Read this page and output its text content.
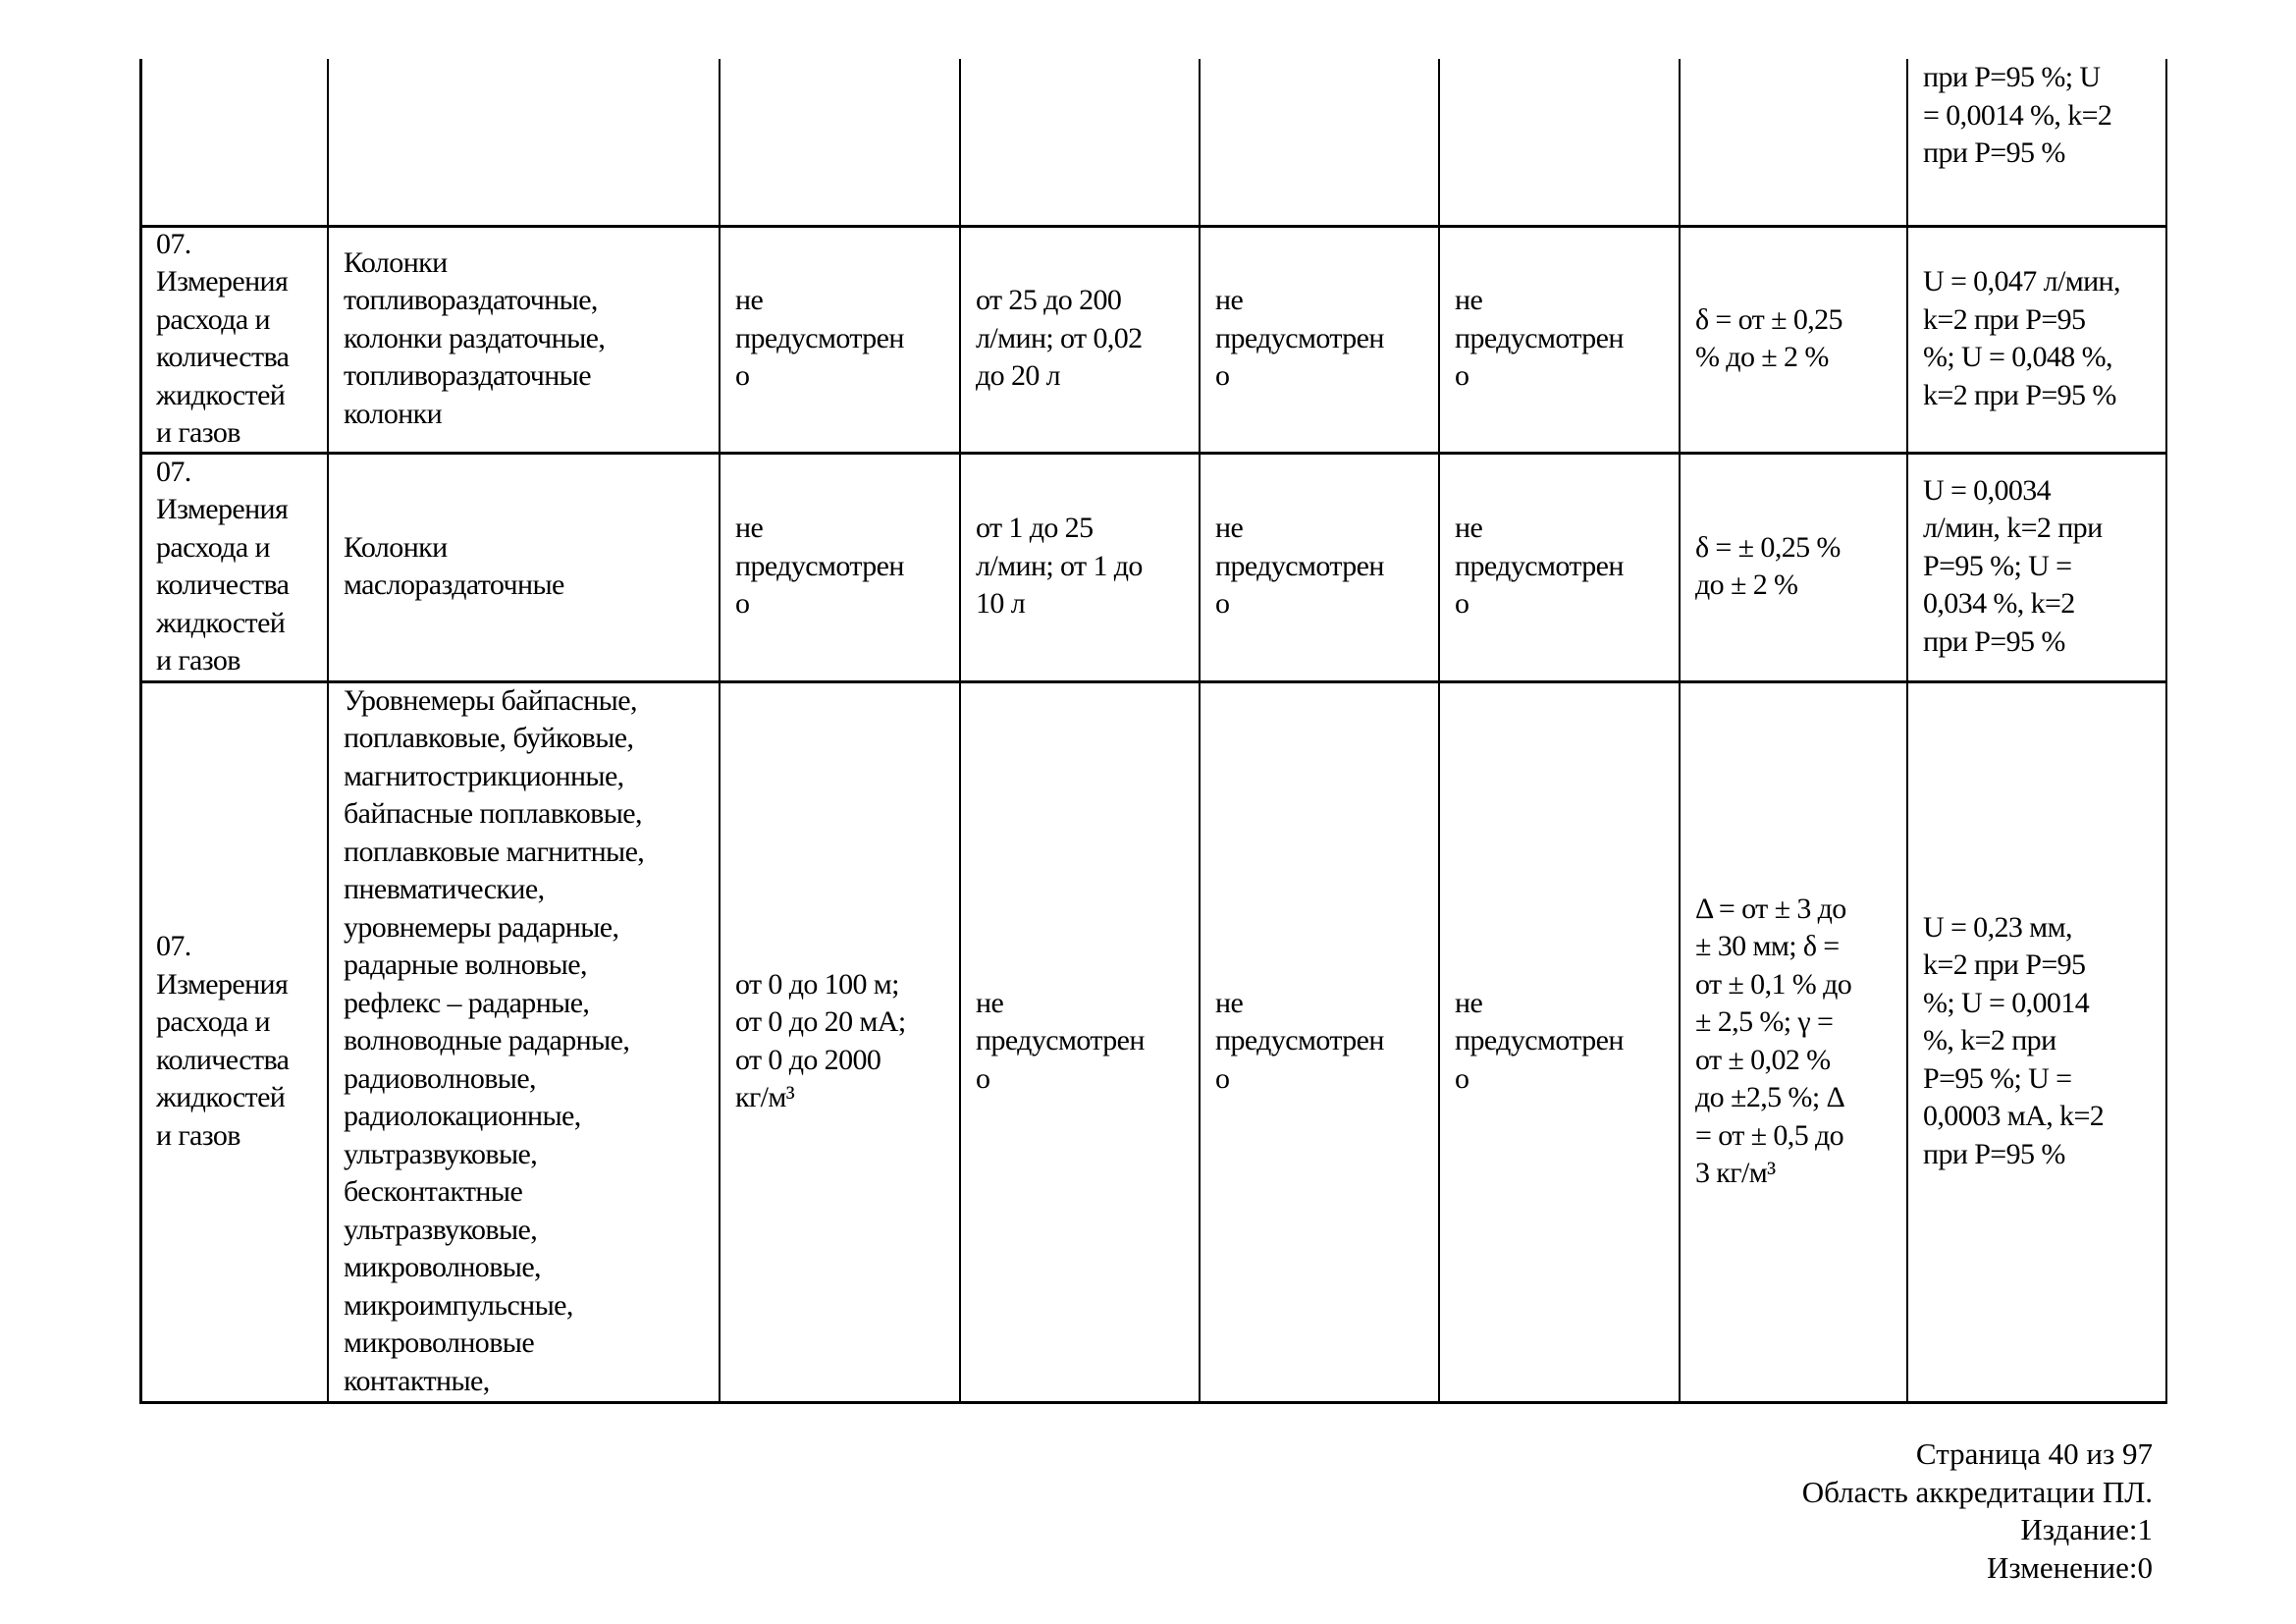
при P=95 %; U
= 0,0014 %, k=2
при P=95 %
07.
Измерения
расхода и
количества
жидкостей
и газов
Колонки
топливораздаточные,
колонки раздаточные,
топливораздаточные
колонки
не
предусмотрен
о
от 25 до 200
л/мин; от 0,02
до 20 л
не
предусмотрен
о
не
предусмотрен
о
δ = от ± 0,25
% до ± 2 %
U = 0,047 л/мин,
k=2 при P=95
%; U = 0,048 %,
k=2 при P=95 %
07.
Измерения
расхода и
количества
жидкостей
и газов
Колонки
маслораздаточные
не
предусмотрен
о
от 1 до 25
л/мин; от 1 до
10 л
не
предусмотрен
о
не
предусмотрен
о
δ = ± 0,25 %
до ± 2 %
U = 0,0034
л/мин, k=2 при
P=95 %; U =
0,034 %, k=2
при P=95 %
07.
Измерения
расхода и
количества
жидкостей
и газов
Уровнемеры байпасные,
поплавковые, буйковые,
магнитострикционные,
байпасные поплавковые,
поплавковые магнитные,
пневматические,
уровнемеры радарные,
радарные волновые,
рефлекс – радарные,
волноводные радарные,
радиоволновые,
радиолокационные,
ультразвуковые,
бесконтактные
ультразвуковые,
микроволновые,
микроимпульсные,
микроволновые
контактные,
от 0 до 100 м;
от 0 до 20 мА;
от 0 до 2000
кг/м³
не
предусмотрен
о
не
предусмотрен
о
не
предусмотрен
о
Δ = от ± 3 до
± 30 мм; δ =
от ± 0,1 % до
± 2,5 %; γ =
от ± 0,02 %
до ±2,5 %; Δ
= от ± 0,5 до
3 кг/м³
U = 0,23 мм,
k=2 при P=95
%; U = 0,0014
%, k=2 при
P=95 %; U =
0,0003 мА, k=2
при P=95 %
Страница 40 из 97
Область аккредитации ПЛ.
Издание:1
Изменение:0
